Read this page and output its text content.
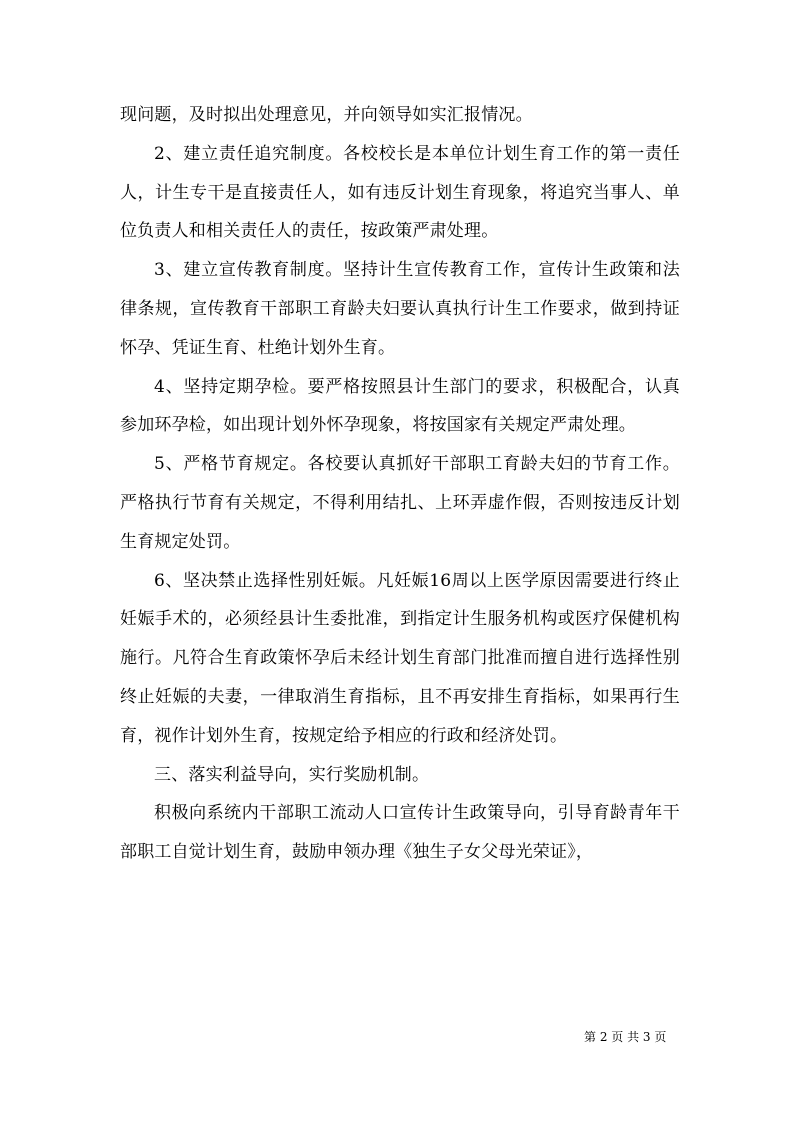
现问题，及时拟出处理意见，并向领导如实汇报情况。

2、建立责任追究制度。各校校长是本单位计划生育工作的第一责任人，计生专干是直接责任人，如有违反计划生育现象，将追究当事人、单位负责人和相关责任人的责任，按政策严肃处理。

3、建立宣传教育制度。坚持计生宣传教育工作，宣传计生政策和法律条规，宣传教育干部职工育龄夫妇要认真执行计生工作要求，做到持证怀孕、凭证生育、杜绝计划外生育。

4、坚持定期孕检。要严格按照县计生部门的要求，积极配合，认真参加环孕检，如出现计划外怀孕现象，将按国家有关规定严肃处理。

5、严格节育规定。各校要认真抓好干部职工育龄夫妇的节育工作。严格执行节育有关规定，不得利用结扎、上环弄虚作假，否则按违反计划生育规定处罚。

6、坚决禁止选择性别妊娠。凡妊娠16周以上医学原因需要进行终止妊娠手术的，必须经县计生委批准，到指定计生服务机构或医疗保健机构施行。凡符合生育政策怀孕后未经计划生育部门批准而擅自进行选择性别终止妊娠的夫妻，一律取消生育指标，且不再安排生育指标，如果再行生育，视作计划外生育，按规定给予相应的行政和经济处罚。

三、落实利益导向，实行奖励机制。

积极向系统内干部职工流动人口宣传计生政策导向，引导育龄青年干部职工自觉计划生育，鼓励申领办理《独生子女父母光荣证》，

第 2 页 共 3 页
